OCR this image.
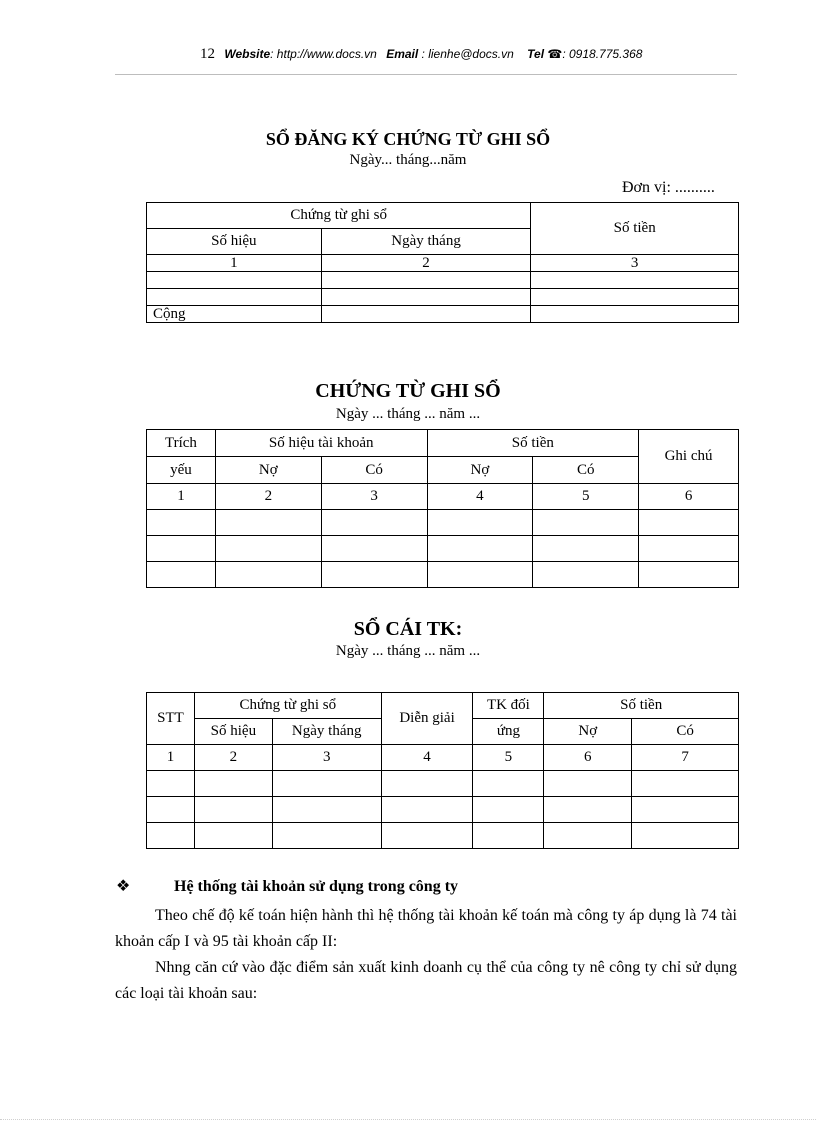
12 Website: http://www.docs.vn Email : lienhe@docs.vn Tel ☎: 0918.775.368
SỔ ĐĂNG KÝ CHỨNG TỪ GHI SỔ
Ngày... tháng...năm
Đơn vị: ..........
Chứng từ ghi sổ		Số tiền
Số hiệu	Ngày tháng	
1	2	3

Cộng		
CHỨNG TỪ GHI SỔ
Ngày ... tháng ... năm ...
Trích	Số hiệu tài khoản		Số tiền		Ghi chú
yếu	Nợ	Có	Nợ	Có	
1	2	3	4	5	6

SỔ CÁI TK:
Ngày ... tháng ... năm ...
STT	Chứng từ ghi sổ		Diễn giải	TK đối	Số tiền	
	Số hiệu	Ngày tháng		ứng	Nợ	Có
1	2	3	4	5	6	7

❖	Hệ thống tài khoản sử dụng trong công ty
Theo chế độ kế toán hiện hành thì hệ thống tài khoản kế toán mà công ty áp dụng là 74 tài khoản cấp I và 95 tài khoản cấp II:
Nhng căn cứ vào đặc điểm sản xuất kinh doanh cụ thể của công ty nê công ty chỉ sử dụng các loại tài khoản sau:
